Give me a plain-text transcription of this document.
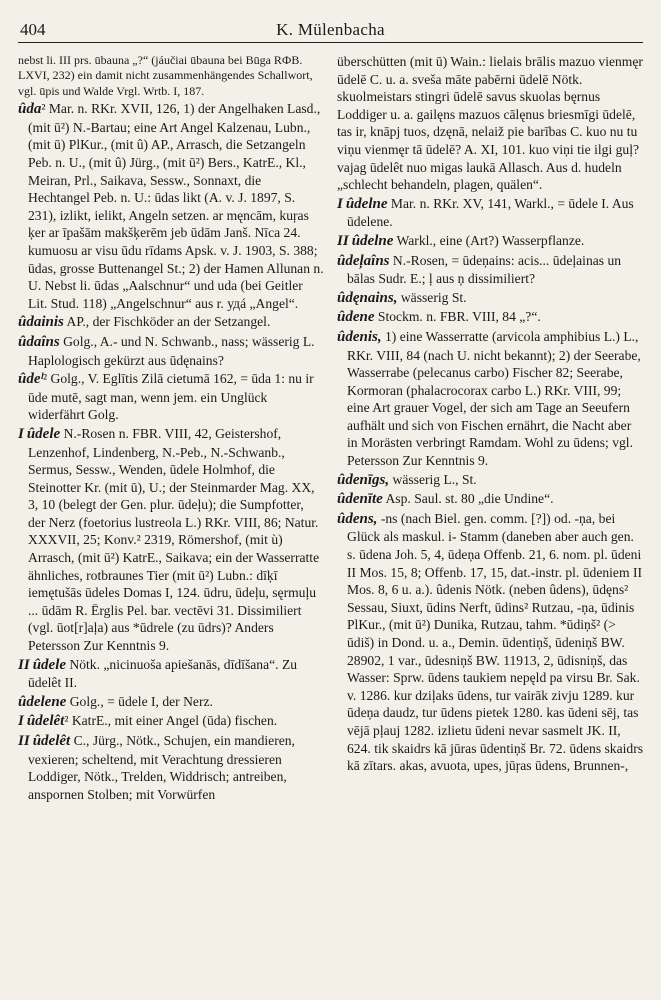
404	K. Mülenbacha

nebst li. III prs. ūbauna „?“ (jáučiai ūbauna bei Būga RФВ. LXVI, 232) ein damit nicht zusammenhängendes Schallwort, vgl. ūpis und Walde Vrgl. Wrtb. I, 187.

ûda² Mar. n. RKr. XVII, 126, 1) der Angelhaken Lasd., (mit ū²) N.-Bartau; eine Art Angel Kalzenau, Lubn., (mit ū) PlKur., (mit û) AP., Arrasch, die Setzangeln Peb. n. U., (mit û) Jürg., (mit ū²) Bers., KatrE., Kl., Meiran, Prl., Saikava, Sessw., Sonnaxt, die Hechtangel Peb. n. U.: ūdas likt (A. v. J. 1897, S. 231), izlikt, ielikt, Angeln setzen. ar męncām, kuŗas ķer ar īpašām makšķerēm jeb ūdām Janš. Nīca 24. kumuosu ar visu ūdu rīdams Apsk. v. J. 1903, S. 388; ūdas, grosse Buttenangel St.; 2) der Hamen Allunan n. U. Nebst li. ūdas „Aalschnur“ und uda (bei Geitler Lit. Stud. 118) „Angelschnur“ aus r. удá „Angel“.

ûdainis AP., der Fischköder an der Setzangel.

ûdaîns Golg., A.- und N. Schwanb., nass; wässerig L. Haplologisch gekürzt aus ūdęnains?

ûdeˡ² Golg., V. Eglītis Zilā cietumā 162, = ūda 1: nu ir ūde mutē, sagt man, wenn jem. ein Unglück widerfährt Golg.

I ûdele N.-Rosen n. FBR. VIII, 42, Geistershof, Lenzenhof, Lindenberg, N.-Peb., N.-Schwanb., Sermus, Sessw., Wenden, ūdele Holmhof, die Steinotter Kr. (mit ū), U.; der Steinmarder Mag. XX, 3, 10 (belegt der Gen. plur. ūdeļu); die Sumpfotter, der Nerz (foetorius lustreola L.) RKr. VIII, 86; Natur. XXXVII, 25; Konv.² 2319, Römershof, (mit ù) Arrasch, (mit ū²) KatrE., Saikava; ein der Wasserratte ähnliches, rotbraunes Tier (mit ū²) Lubn.: dīķī iemętušās ūdeles Domas I, 124. ūdru, ūdeļu, sęrmuļu ... ūdām R. Ērglis Pel. bar. vectēvi 31. Dissimiliert (vgl. ūot[r]aļa) aus *ūdrele (zu ūdrs)? Anders Petersson Zur Kenntnis 9.

II ûdele Nötk. „nicinuoša apiešanās, dīdīšana“. Zu ūdelêt II.

ûdelene Golg., = ūdele I, der Nerz.

I ûdelêt² KatrE., mit einer Angel (ūda) fischen.

II ûdelêt C., Jürg., Nötk., Schujen, ein mandieren, vexieren; scheltend, mit Verachtung dressieren Loddiger, Nötk., Trelden, Widdrisch; antreiben, anspornen Stolben; mit Vorwürfen

überschütten (mit ū) Wain.: lielais brālis mazuo vienmęr ūdelē C. u. a. sveša māte pabērni ūdelē Nötk. skuolmeistars stingri ūdelē savus skuolas bęrnus Loddiger u. a. gailęns mazuos cālęnus briesmīgi ūdelē, tas ir, knāpj tuos, dzęnā, nelaiž pie barības C. kuo nu tu viņu vienmęr tā ūdelē? A. XI, 101. kuo viņi tie ilgi guļ? vajag ūdelêt nuo migas laukā Allasch. Aus d. hudeln „schlecht behandeln, plagen, quälen“.

I ûdelne Mar. n. RKr. XV, 141, Warkl., = ūdele I. Aus ūdelene.

II ûdelne Warkl., eine (Art?) Wasserpflanze.

ûdeļaîns N.-Rosen, = ūdeņains: acis... ūdeļainas un bālas Sudr. E.; ļ aus ņ dissimiliert?

ûdęnains, wässerig St.

ûdene Stockm. n. FBR. VIII, 84 „?“.

ûdenis, 1) eine Wasserratte (arvicola amphibius L.) L., RKr. VIII, 84 (nach U. nicht bekannt); 2) der Seerabe, Wasserrabe (pelecanus carbo) Fischer 82; Seerabe, Kormoran (phalacrocorax carbo L.) RKr. VIII, 99; eine Art grauer Vogel, der sich am Tage an Seeufern aufhält und sich von Fischen ernährt, die Nacht aber in Morästen verbringt Ramdam. Wohl zu ūdens; vgl. Petersson Zur Kenntnis 9.

ûdenīgs, wässerig L., St.

ûdenīte Asp. Saul. st. 80 „die Undine“.

ûdens, -ns (nach Biel. gen. comm. [?]) od. -ņa, bei Glück als maskul. i- Stamm (daneben aber auch gen. s. ūdena Joh. 5, 4, ūdeņa Offenb. 21, 6. nom. pl. ūdeni II Mos. 15, 8; Offenb. 17, 15, dat.-instr. pl. ūdeniem II Mos. 8, 6 u. a.). ûdenis Nötk. (neben ûdens), ūdęns² Sessau, Siuxt, ūdins Nerft, ūdins² Rutzau, -ņa, ūdinis PlKur., (mit ū²) Dunika, Rutzau, tahm. *ūdiņš² (> ūdiš) in Dond. u. a., Demin. ūdentiņš, ūdeniņš BW. 28902, 1 var., ūdesniņš BW. 11913, 2, ūdisniņš, das Wasser: Sprw. ūdens taukiem nepęld pa virsu Br. Sak. v. 1286. kur dziļaks ūdens, tur vairāk zivju 1289. kur ūdeņa daudz, tur ūdens pietek 1280. kas ūdeni sēj, tas vējā pļauj 1282. izlietu ūdeni nevar sasmelt JK. II, 624. tik skaidrs kā jūras ūdentiņš Br. 72. ūdens skaidrs kā zītars. akas, avuota, upes, jūŗas ūdens, Brunnen-,
